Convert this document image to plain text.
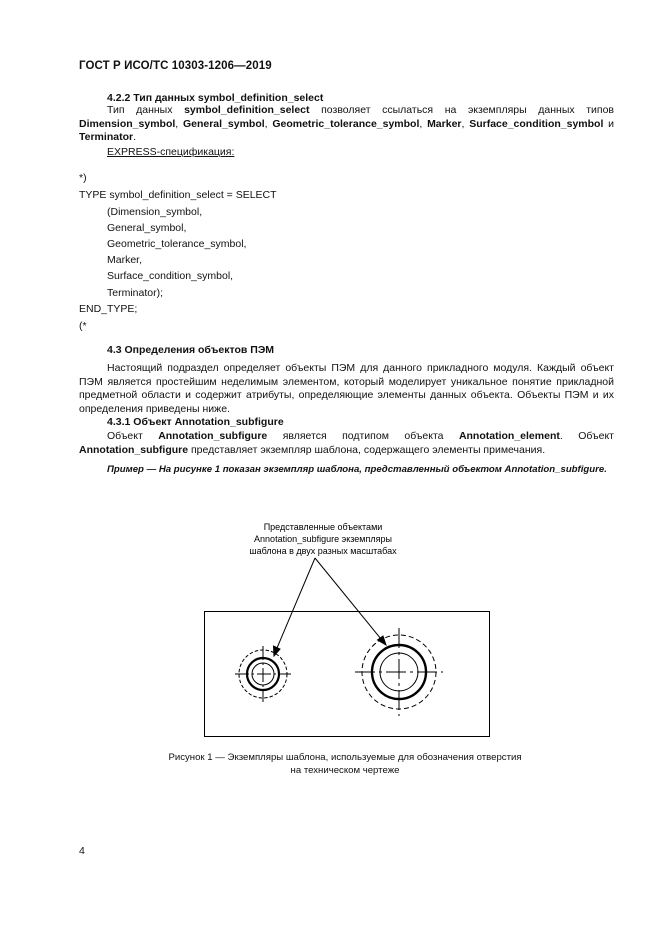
ГОСТ Р ИСО/ТС 10303-1206—2019
4.2.2 Тип данных symbol_definition_select
Тип данных symbol_definition_select позволяет ссылаться на экземпляры данных типов Dimension_symbol, General_symbol, Geometric_tolerance_symbol, Marker, Surface_condition_symbol и Terminator.
EXPRESS-спецификация:
*)
TYPE symbol_definition_select = SELECT
(Dimension_symbol,
General_symbol,
Geometric_tolerance_symbol,
Marker,
Surface_condition_symbol,
Terminator);
END_TYPE;
(*
4.3 Определения объектов ПЭМ
Настоящий подраздел определяет объекты ПЭМ для данного прикладного модуля. Каждый объект ПЭМ является простейшим неделимым элементом, который моделирует уникальное понятие прикладной предметной области и содержит атрибуты, определяющие элементы данных объекта. Объекты ПЭМ и их определения приведены ниже.
4.3.1 Объект Annotation_subfigure
Объект Annotation_subfigure является подтипом объекта Annotation_element. Объект Annotation_subfigure представляет экземпляр шаблона, содержащего элементы примечания.
Пример — На рисунке 1 показан экземпляр шаблона, представленный объектом Annotation_subfigure.
Представленные объектами
Annotation_subfigure экземпляры
шаблона в двух разных масштабах
Рисунок 1 — Экземпляры шаблона, используемые для обозначения отверстия
на техническом чертеже
4
